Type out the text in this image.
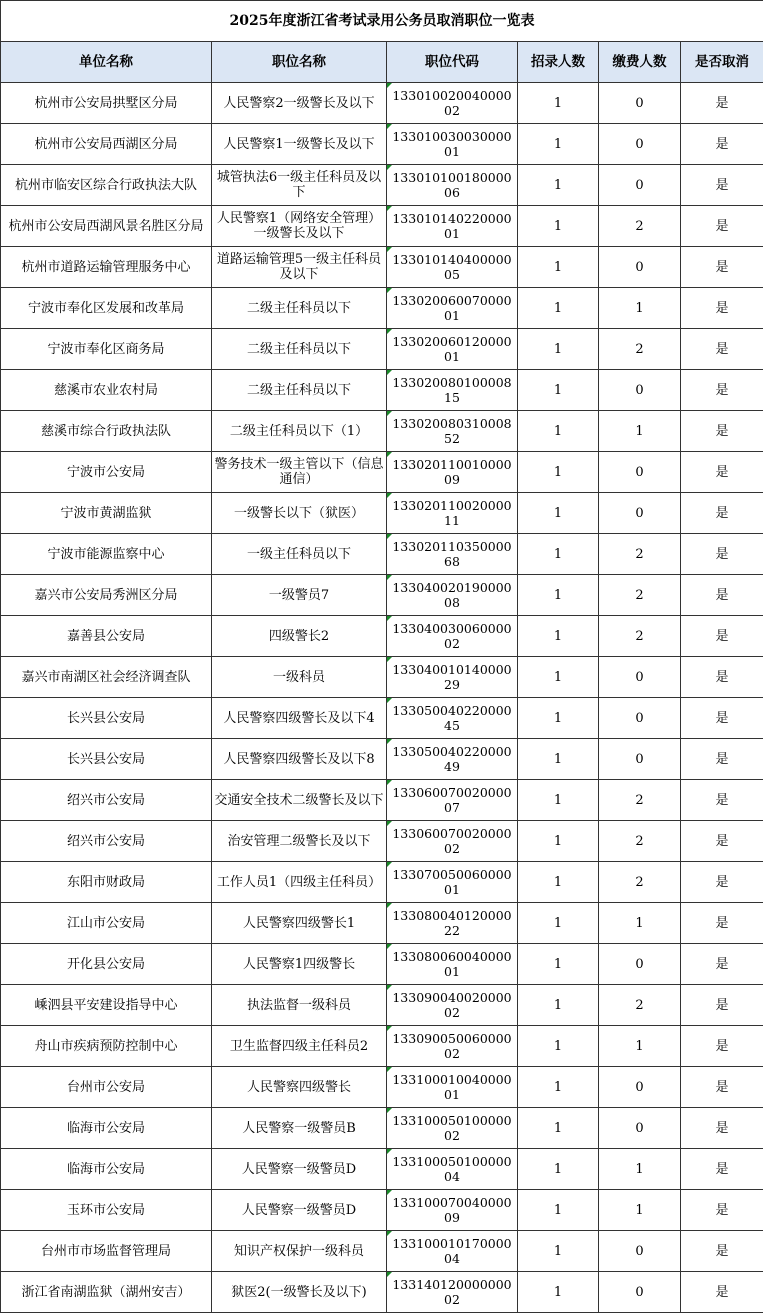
2025年度浙江省考试录用公务员取消职位一览表					
单位名称	职位名称	职位代码	招录人数	缴费人数	是否取消
杭州市公安局拱墅区分局	人民警察2一级警长及以下	13301002004000002	1	0	是
杭州市公安局西湖区分局	人民警察1一级警长及以下	13301003003000001	1	0	是
杭州市临安区综合行政执法大队	城管执法6一级主任科员及以下	13301010018000006	1	0	是
杭州市公安局西湖风景名胜区分局	人民警察1（网络安全管理）一级警长及以下	13301014022000001	1	2	是
杭州市道路运输管理服务中心	道路运输管理5一级主任科员及以下	13301014040000005	1	0	是
宁波市奉化区发展和改革局	二级主任科员以下	13302006007000001	1	1	是
宁波市奉化区商务局	二级主任科员以下	13302006012000001	1	2	是
慈溪市农业农村局	二级主任科员以下	13302008010000815	1	0	是
慈溪市综合行政执法队	二级主任科员以下（1）	13302008031000852	1	1	是
宁波市公安局	警务技术一级主管以下（信息通信）	13302011001000009	1	0	是
宁波市黄湖监狱	一级警长以下（狱医）	13302011002000011	1	0	是
宁波市能源监察中心	一级主任科员以下	13302011035000068	1	2	是
嘉兴市公安局秀洲区分局	一级警员7	13304002019000008	1	2	是
嘉善县公安局	四级警长2	13304003006000002	1	2	是
嘉兴市南湖区社会经济调查队	一级科员	13304001014000029	1	0	是
长兴县公安局	人民警察四级警长及以下4	13305004022000045	1	0	是
长兴县公安局	人民警察四级警长及以下8	13305004022000049	1	0	是
绍兴市公安局	交通安全技术二级警长及以下	13306007002000007	1	2	是
绍兴市公安局	治安管理二级警长及以下	13306007002000002	1	2	是
东阳市财政局	工作人员1（四级主任科员）	13307005006000001	1	2	是
江山市公安局	人民警察四级警长1	13308004012000022	1	1	是
开化县公安局	人民警察1四级警长	13308006004000001	1	0	是
嵊泗县平安建设指导中心	执法监督一级科员	13309004002000002	1	2	是
舟山市疾病预防控制中心	卫生监督四级主任科员2	13309005006000002	1	1	是
台州市公安局	人民警察四级警长	13310001004000001	1	0	是
临海市公安局	人民警察一级警员B	13310005010000002	1	0	是
临海市公安局	人民警察一级警员D	13310005010000004	1	1	是
玉环市公安局	人民警察一级警员D	13310007004000009	1	1	是
台州市市场监督管理局	知识产权保护一级科员	13310001017000004	1	0	是
浙江省南湖监狱（湖州安吉）	狱医2(一级警长及以下)	13314012000000002	1	0	是
